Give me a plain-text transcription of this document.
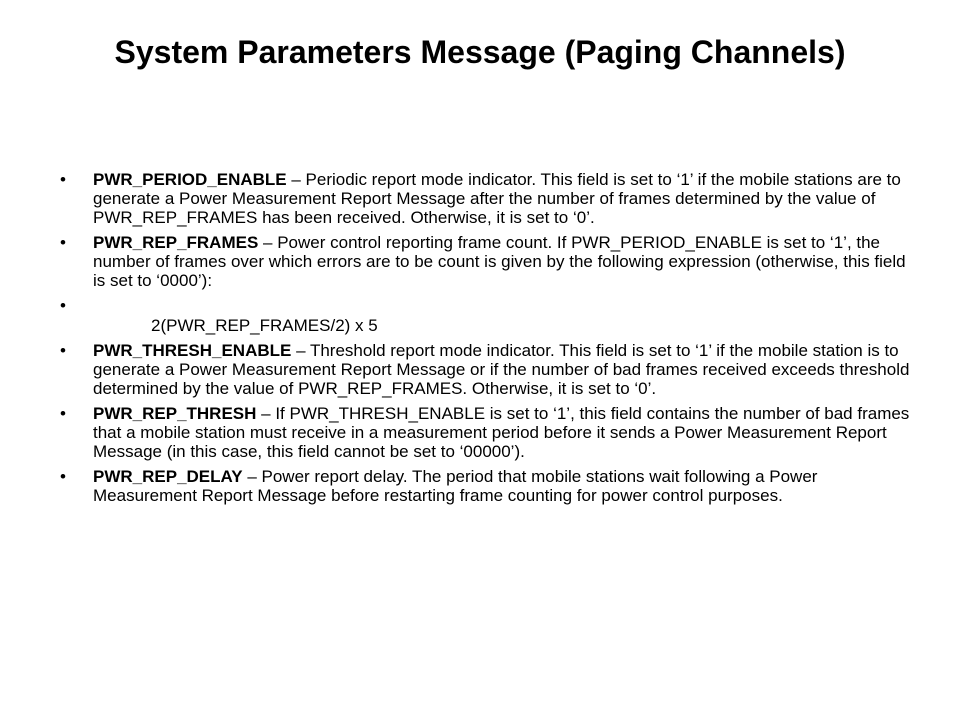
System Parameters Message (Paging Channels)
•	PWR_PERIOD_ENABLE – Periodic report mode indicator. This field is set to ‘1’ if the mobile stations are to generate a Power Measurement Report Message after the number of frames determined by the value of PWR_REP_FRAMES has been received. Otherwise, it is set to ‘0’.
•	PWR_REP_FRAMES – Power control reporting frame count. If PWR_PERIOD_ENABLE is set to ‘1’, the number of frames over which errors are to be count is given by the following expression (otherwise, this field is set to ‘0000’):
•

2(PWR_REP_FRAMES/2) x 5
•	PWR_THRESH_ENABLE – Threshold report mode indicator. This field is set to ‘1’ if the mobile station is to generate a Power Measurement Report Message or if the number of bad frames received exceeds threshold determined by the value of PWR_REP_FRAMES. Otherwise, it is set to ‘0’.
•	PWR_REP_THRESH – If PWR_THRESH_ENABLE is set to ‘1’, this field contains the number of bad frames that a mobile station must receive in a measurement period before it sends a Power Measurement Report Message (in this case, this field cannot be set to ‘00000’).
•	PWR_REP_DELAY – Power report delay. The period that mobile stations wait following a Power Measurement Report Message before restarting frame counting for power control purposes.
